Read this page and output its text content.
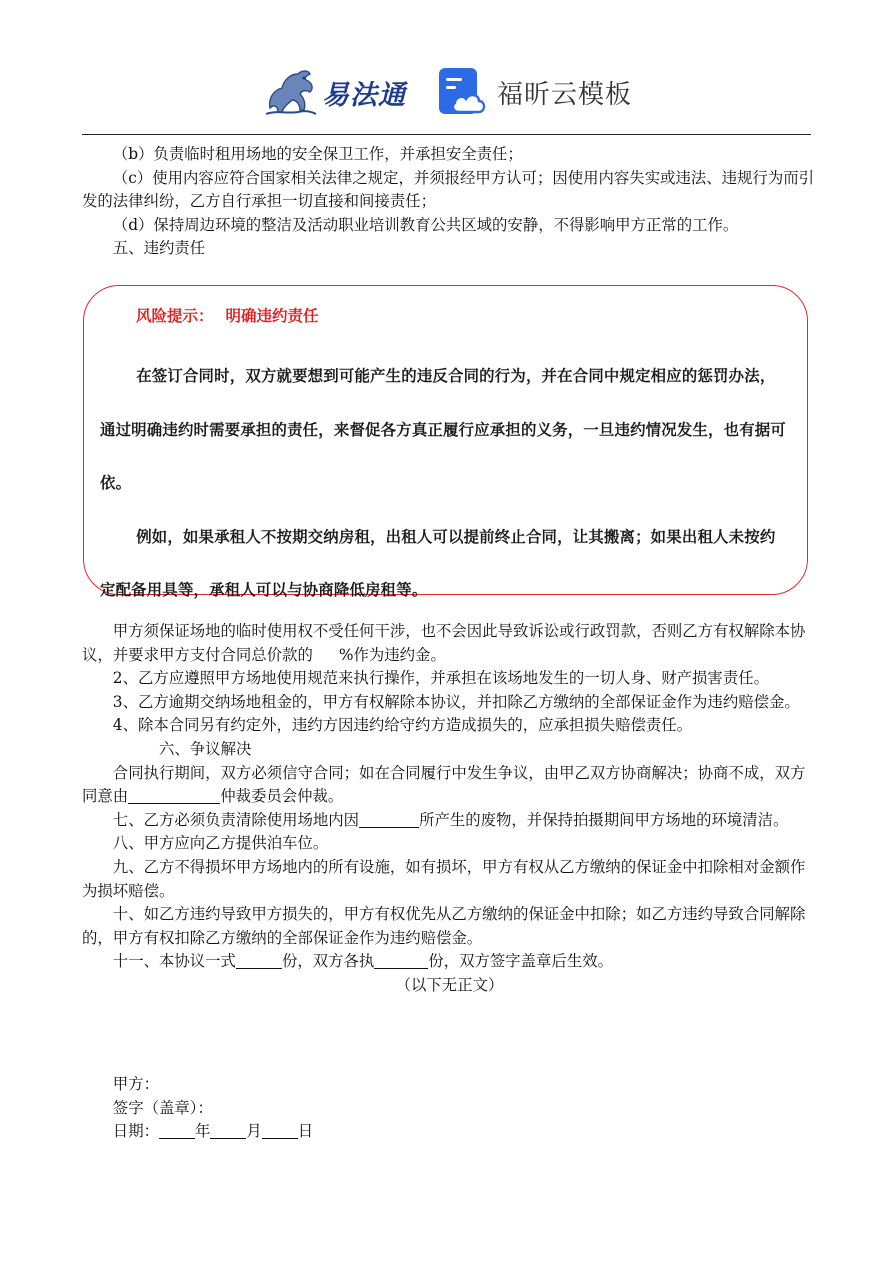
易法通	福昕云模板

（b）负责临时租用场地的安全保卫工作，并承担安全责任；

（c）使用内容应符合国家相关法律之规定，并须报经甲方认可；因使用内容失实或违法、违规行为而引发的法律纠纷，乙方自行承担一切直接和间接责任；

（d）保持周边环境的整洁及活动职业培训教育公共区域的安静，不得影响甲方正常的工作。

五、违约责任

风险提示： 明确违约责任

在签订合同时，双方就要想到可能产生的违反合同的行为，并在合同中规定相应的惩罚办法，通过明确违约时需要承担的责任，来督促各方真正履行应承担的义务，一旦违约情况发生，也有据可依。

例如，如果承租人不按期交纳房租，出租人可以提前终止合同，让其搬离；如果出租人未按约定配备用具等，承租人可以与协商降低房租等。

甲方须保证场地的临时使用权不受任何干涉，也不会因此导致诉讼或行政罚款，否则乙方有权解除本协议，并要求甲方支付合同总价款的 %作为违约金。

2、乙方应遵照甲方场地使用规范来执行操作，并承担在该场地发生的一切人身、财产损害责任。

3、乙方逾期交纳场地租金的，甲方有权解除本协议，并扣除乙方缴纳的全部保证金作为违约赔偿金。

4、除本合同另有约定外，违约方因违约给守约方造成损失的，应承担损失赔偿责任。

六、争议解决

合同执行期间，双方必须信守合同；如在合同履行中发生争议，由甲乙双方协商解决；协商不成，双方同意由	仲裁委员会仲裁。

七、乙方必须负责清除使用场地内因	所产生的废物，并保持拍摄期间甲方场地的环境清洁。

八、甲方应向乙方提供泊车位。

九、乙方不得损坏甲方场地内的所有设施，如有损坏，甲方有权从乙方缴纳的保证金中扣除相对金额作为损坏赔偿。

十、如乙方违约导致甲方损失的，甲方有权优先从乙方缴纳的保证金中扣除；如乙方违约导致合同解除的，甲方有权扣除乙方缴纳的全部保证金作为违约赔偿金。

十一、本协议一式	份，双方各执	份，双方签字盖章后生效。

（以下无正文）

甲方：

签字（盖章）：

日期： 年 月 日
